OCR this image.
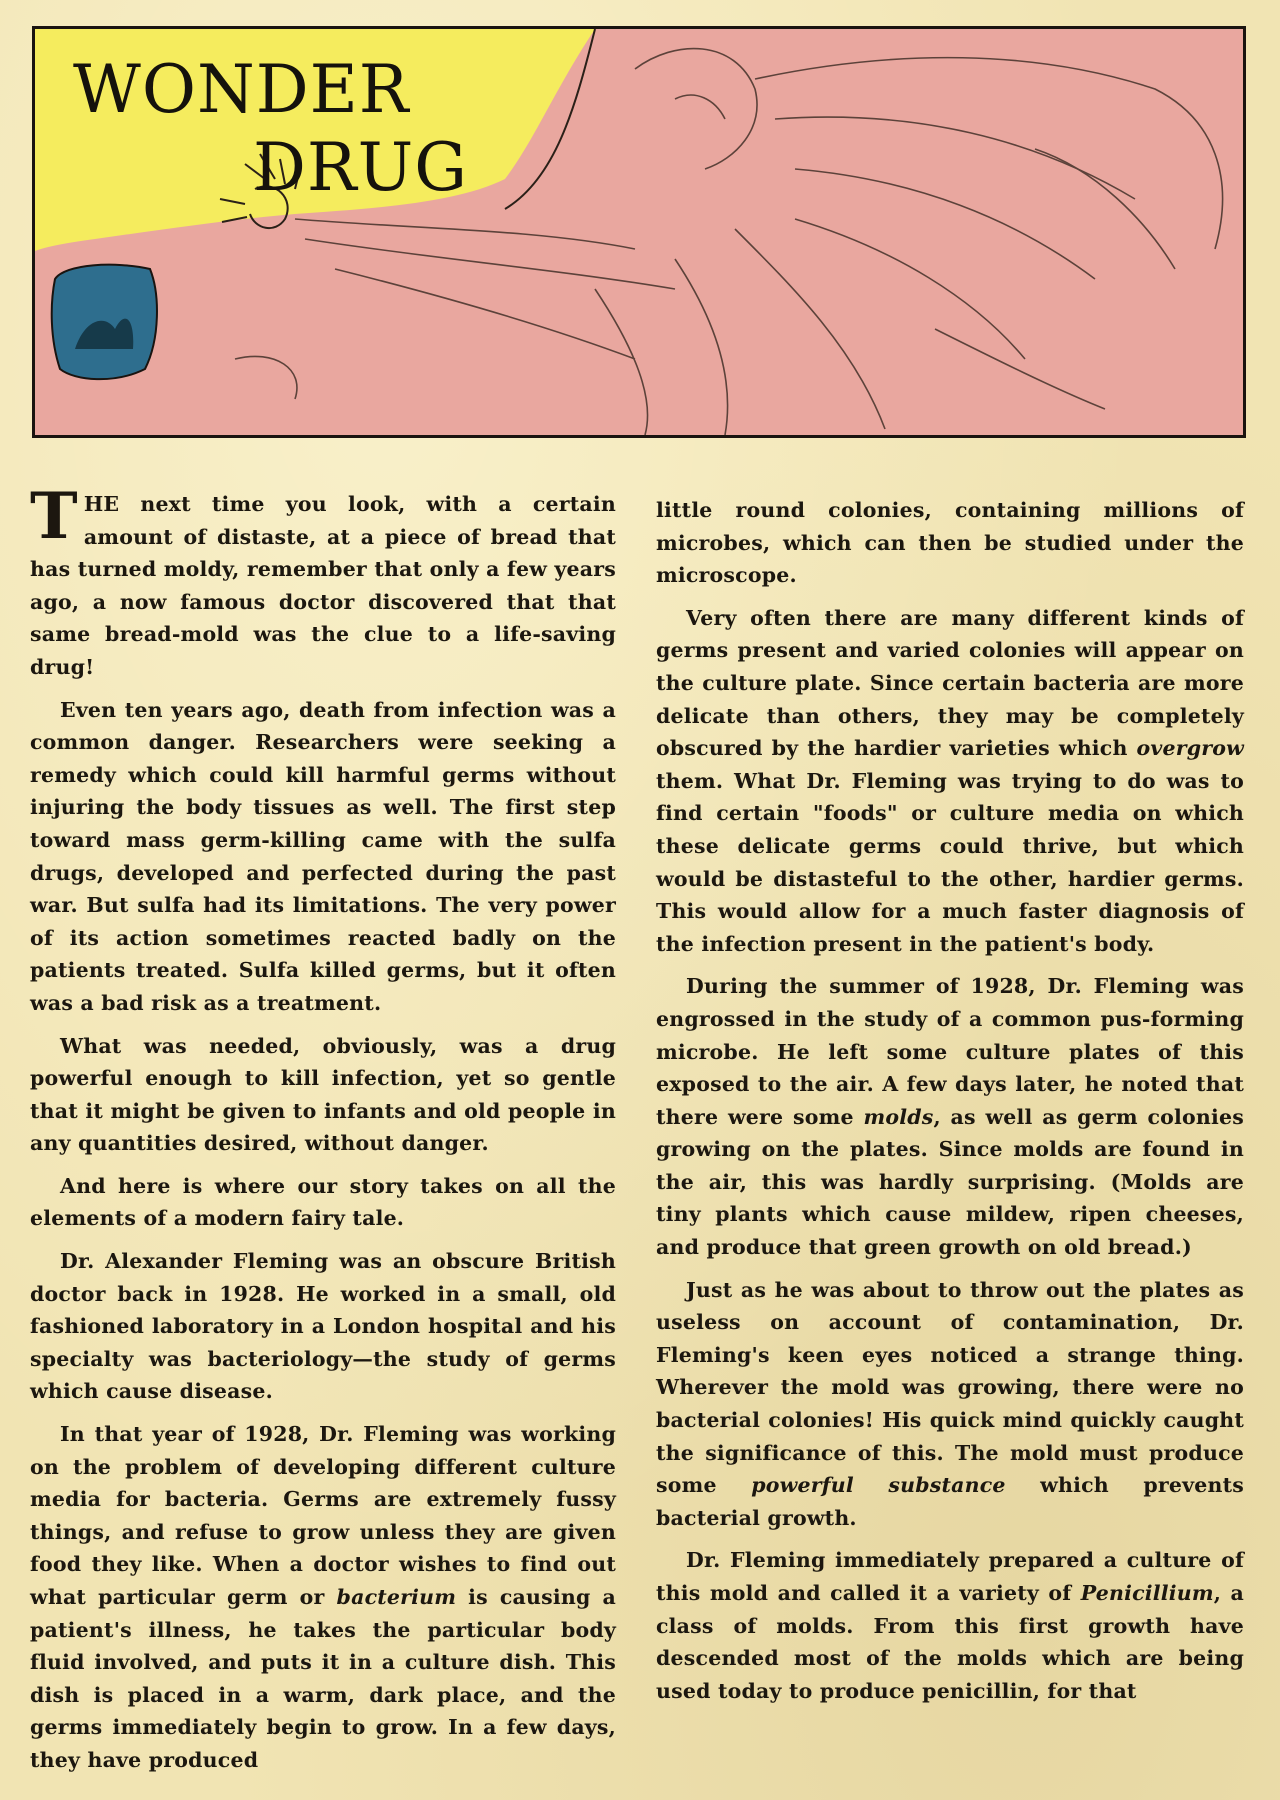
WONDER
DRUG

THE next time you look, with a certain amount of distaste, at a piece of bread that has turned moldy, remember that only a few years ago, a now famous doctor discovered that that same bread-mold was the clue to a life-saving drug!

Even ten years ago, death from infection was a common danger. Researchers were seeking a remedy which could kill harmful germs without injuring the body tissues as well. The first step toward mass germ-killing came with the sulfa drugs, developed and perfected during the past war. But sulfa had its limitations. The very power of its action sometimes reacted badly on the patients treated. Sulfa killed germs, but it often was a bad risk as a treatment.

What was needed, obviously, was a drug powerful enough to kill infection, yet so gentle that it might be given to infants and old people in any quantities desired, without danger.

And here is where our story takes on all the elements of a modern fairy tale.

Dr. Alexander Fleming was an obscure British doctor back in 1928. He worked in a small, old fashioned laboratory in a London hospital and his specialty was bacteriology—the study of germs which cause disease.

In that year of 1928, Dr. Fleming was working on the problem of developing different culture media for bacteria. Germs are extremely fussy things, and refuse to grow unless they are given food they like. When a doctor wishes to find out what particular germ or bacterium is causing a patient's illness, he takes the particular body fluid involved, and puts it in a culture dish. This dish is placed in a warm, dark place, and the germs immediately begin to grow. In a few days, they have produced

little round colonies, containing millions of microbes, which can then be studied under the microscope.

Very often there are many different kinds of germs present and varied colonies will appear on the culture plate. Since certain bacteria are more delicate than others, they may be completely obscured by the hardier varieties which overgrow them. What Dr. Fleming was trying to do was to find certain "foods" or culture media on which these delicate germs could thrive, but which would be distasteful to the other, hardier germs. This would allow for a much faster diagnosis of the infection present in the patient's body.

During the summer of 1928, Dr. Fleming was engrossed in the study of a common pus-forming microbe. He left some culture plates of this exposed to the air. A few days later, he noted that there were some molds, as well as germ colonies growing on the plates. Since molds are found in the air, this was hardly surprising. (Molds are tiny plants which cause mildew, ripen cheeses, and produce that green growth on old bread.)

Just as he was about to throw out the plates as useless on account of contamination, Dr. Fleming's keen eyes noticed a strange thing. Wherever the mold was growing, there were no bacterial colonies! His quick mind quickly caught the significance of this. The mold must produce some powerful substance which prevents bacterial growth.

Dr. Fleming immediately prepared a culture of this mold and called it a variety of Penicillium, a class of molds. From this first growth have descended most of the molds which are being used today to produce penicillin, for that
